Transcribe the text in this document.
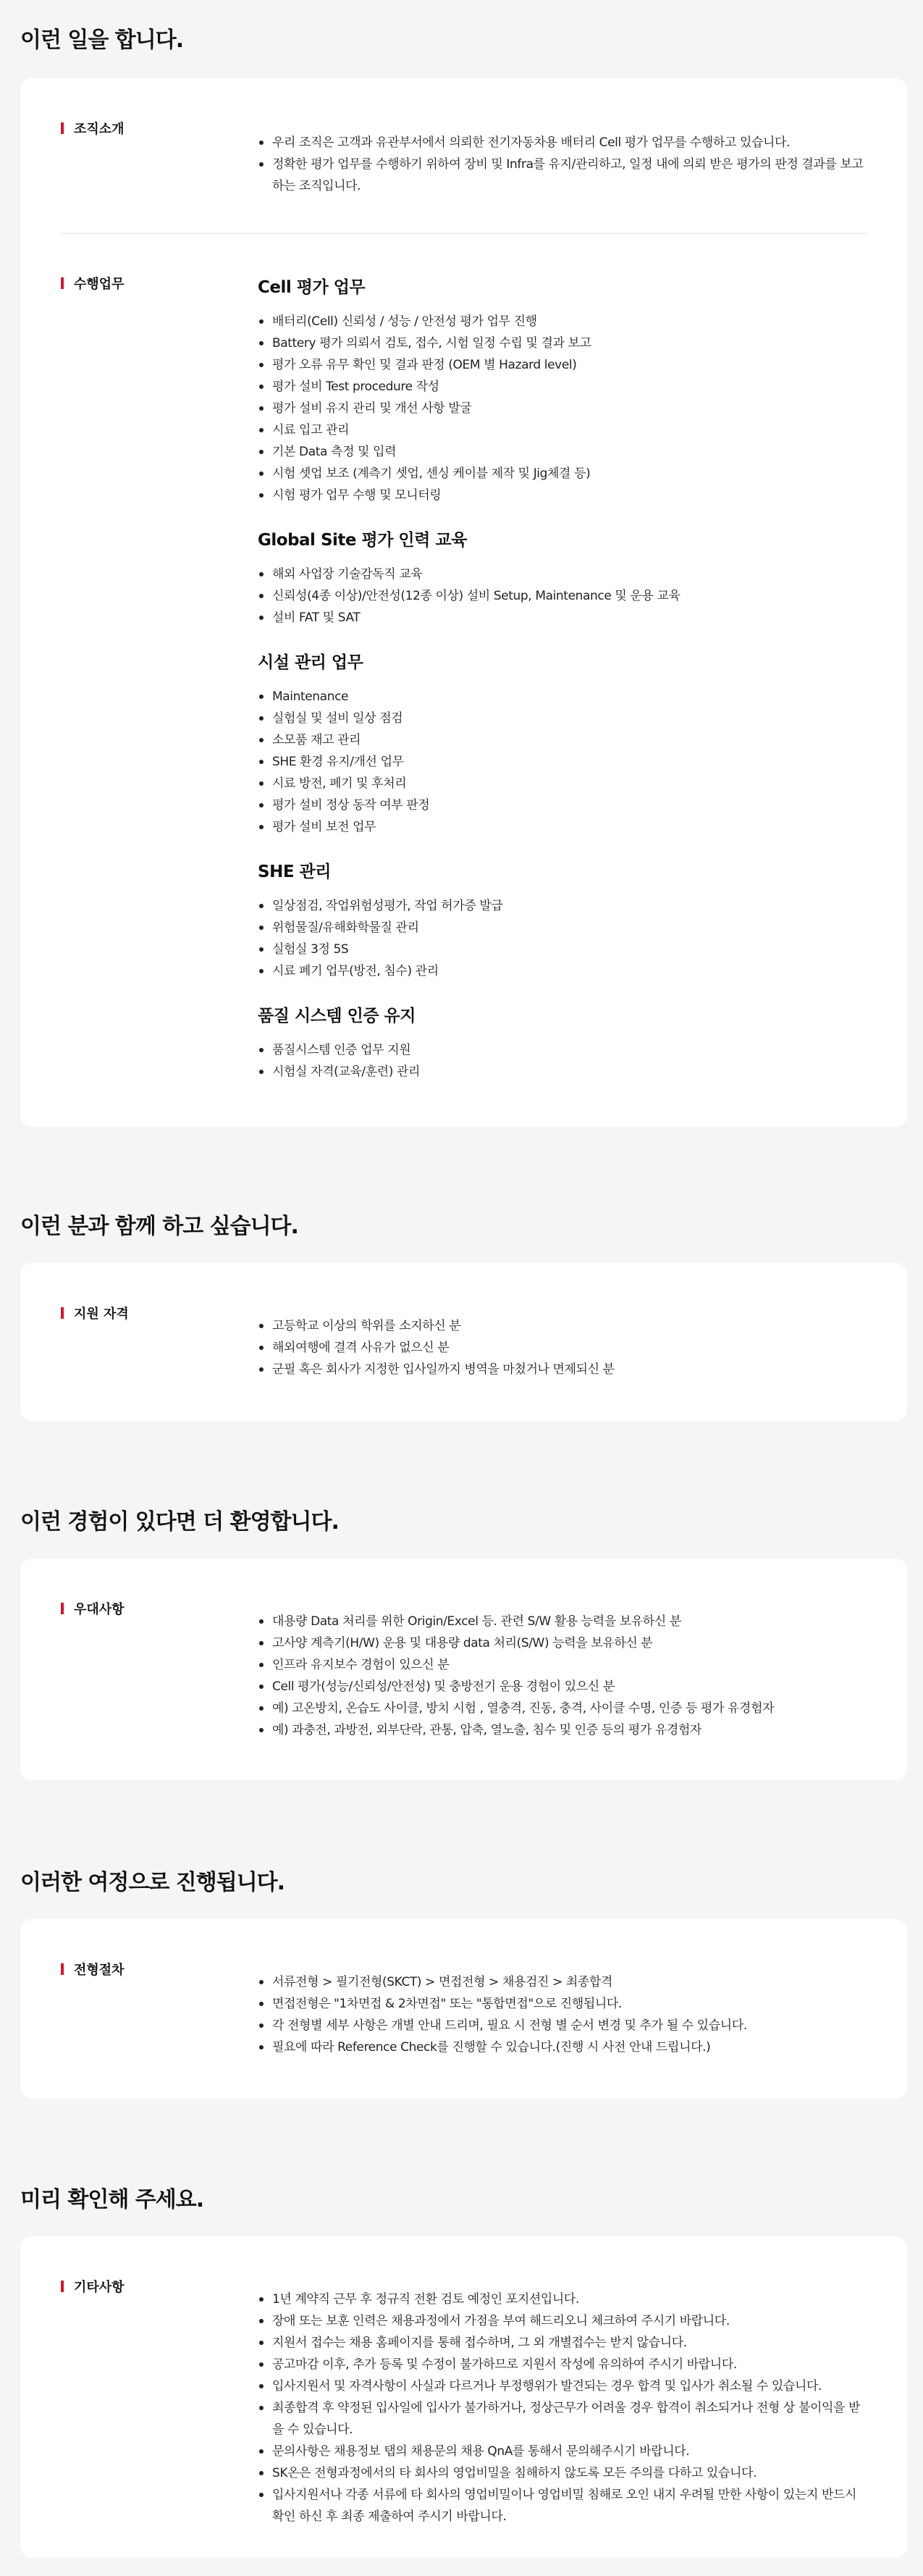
이런 일을 합니다.
조직소개
우리 조직은 고객과 유관부서에서 의뢰한 전기자동차용 배터리 Cell 평가 업무를 수행하고 있습니다.
정확한 평가 업무를 수행하기 위하여 장비 및 Infra를 유지/관리하고, 일정 내에 의뢰 받은 평가의 판정 결과를 보고하는 조직입니다.
수행업무	Cell 평가 업무
배터리(Cell) 신뢰성 / 성능 / 안전성 평가 업무 진행
Battery 평가 의뢰서 검토, 접수, 시험 일정 수립 및 결과 보고
평가 오류 유무 확인 및 결과 판정 (OEM 별 Hazard level)
평가 설비 Test procedure 작성
평가 설비 유지 관리 및 개선 사항 발굴
시료 입고 관리
기본 Data 측정 및 입력
시험 셋업 보조 (계측기 셋업, 센싱 케이블 제작 및 Jig체결 등)
시험 평가 업무 수행 및 모니터링
Global Site 평가 인력 교육
해외 사업장 기술감독직 교육
신뢰성(4종 이상)/안전성(12종 이상) 설비 Setup, Maintenance 및 운용 교육
설비 FAT 및 SAT
시설 관리 업무
Maintenance
실험실 및 설비 일상 점검
소모품 재고 관리
SHE 환경 유지/개선 업무
시료 방전, 폐기 및 후처리
평가 설비 정상 동작 여부 판정
평가 설비 보전 업무
SHE 관리
일상점검, 작업위험성평가, 작업 허가증 발급
위험물질/유해화학물질 관리
실험실 3정 5S
시료 폐기 업무(방전, 침수) 관리
품질 시스템 인증 유지
품질시스템 인증 업무 지원
시험실 자격(교육/훈련) 관리
이런 분과 함께 하고 싶습니다.
지원 자격
고등학교 이상의 학위를 소지하신 분
해외여행에 결격 사유가 없으신 분
군필 혹은 회사가 지정한 입사일까지 병역을 마쳤거나 면제되신 분
이런 경험이 있다면 더 환영합니다.
우대사항
대용량 Data 처리를 위한 Origin/Excel 등. 관련 S/W 활용 능력을 보유하신 분
고사양 계측기(H/W) 운용 및 대용량 data 처리(S/W) 능력을 보유하신 분
인프라 유지보수 경험이 있으신 분
Cell 평가(성능/신뢰성/안전성) 및 충방전기 운용 경험이 있으신 분
예) 고온방치, 온습도 사이클, 방치 시험 , 열충격, 진동, 충격, 사이클 수명, 인증 등 평가 유경험자
예) 과충전, 과방전, 외부단락, 관통, 압축, 열노출, 침수 및 인증 등의 평가 유경험자
이러한 여정으로 진행됩니다.
전형절차
서류전형 > 필기전형(SKCT) > 면접전형 > 채용검진 > 최종합격
면접전형은 "1차면접 & 2차면접" 또는 "통합면접"으로 진행됩니다.
각 전형별 세부 사항은 개별 안내 드리며, 필요 시 전형 별 순서 변경 및 추가 될 수 있습니다.
필요에 따라 Reference Check를 진행할 수 있습니다.(진행 시 사전 안내 드립니다.)
미리 확인해 주세요.
기타사항
1년 계약직 근무 후 정규직 전환 검토 예정인 포지션입니다.
장애 또는 보훈 인력은 채용과정에서 가점을 부여 해드리오니 체크하여 주시기 바랍니다.
지원서 접수는 채용 홈페이지를 통해 접수하며, 그 외 개별접수는 받지 않습니다.
공고마감 이후, 추가 등록 및 수정이 불가하므로 지원서 작성에 유의하여 주시기 바랍니다.
입사지원서 및 자격사항이 사실과 다르거나 부정행위가 발견되는 경우 합격 및 입사가 취소될 수 있습니다.
최종합격 후 약정된 입사일에 입사가 불가하거나, 정상근무가 어려울 경우 합격이 취소되거나 전형 상 불이익을 받을 수 있습니다.
문의사항은 채용정보 탭의 채용문의 채용 QnA를 통해서 문의해주시기 바랍니다.
SK온은 전형과정에서의 타 회사의 영업비밀을 침해하지 않도록 모든 주의를 다하고 있습니다.
입사지원서나 각종 서류에 타 회사의 영업비밀이나 영업비밀 침해로 오인 내지 우려될 만한 사항이 있는지 반드시 확인 하신 후 최종 제출하여 주시기 바랍니다.
